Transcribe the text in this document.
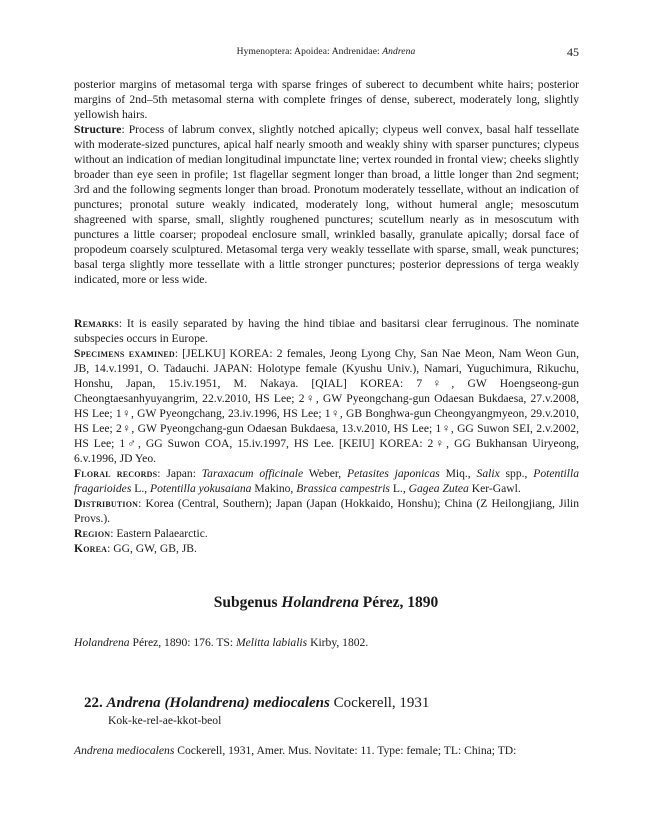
Hymenoptera: Apoidea: Andrenidae: Andrena	45

posterior margins of metasomal terga with sparse fringes of suberect to decumbent white hairs; posterior margins of 2nd–5th metasomal sterna with complete fringes of dense, suberect, moderately long, slightly yellowish hairs.

Structure: Process of labrum convex, slightly notched apically; clypeus well convex, basal half tessellate with moderate-sized punctures, apical half nearly smooth and weakly shiny with sparser punctures; clypeus without an indication of median longitudinal impunctate line; vertex rounded in frontal view; cheeks slightly broader than eye seen in profile; 1st flagellar segment longer than broad, a little longer than 2nd segment; 3rd and the following segments longer than broad. Pronotum moderately tessellate, without an indication of punctures; pronotal suture weakly indicated, moderately long, without humeral angle; mesoscutum shagreened with sparse, small, slightly roughened punctures; scutellum nearly as in mesoscutum with punctures a little coarser; propodeal enclosure small, wrinkled basally, granulate apically; dorsal face of propodeum coarsely sculptured. Metasomal terga very weakly tessellate with sparse, small, weak punctures; basal terga slightly more tessellate with a little stronger punctures; posterior depressions of terga weakly indicated, more or less wide.

Remarks: It is easily separated by having the hind tibiae and basitarsi clear ferruginous. The nominate subspecies occurs in Europe.

Specimens examined: [JELKU] KOREA: 2 females, Jeong Lyong Chy, San Nae Meon, Nam Weon Gun, JB, 14.v.1991, O. Tadauchi. JAPAN: Holotype female (Kyushu Univ.), Namari, Yuguchimura, Rikuchu, Honshu, Japan, 15.iv.1951, M. Nakaya. [QIAL] KOREA: 7♀, GW Hoengseong-gun Cheongtaesanhyuyangrim, 22.v.2010, HS Lee; 2♀, GW Pyeongchang-gun Odaesan Bukdaesa, 27.v.2008, HS Lee; 1♀, GW Pyeongchang, 23.iv.1996, HS Lee; 1♀, GB Bonghwa-gun Cheongyangmyeon, 29.v.2010, HS Lee; 2♀, GW Pyeongchang-gun Odaesan Bukdaesa, 13.v.2010, HS Lee; 1♀, GG Suwon SEI, 2.v.2002, HS Lee; 1♂, GG Suwon COA, 15.iv.1997, HS Lee. [KEIU] KOREA: 2♀, GG Bukhansan Uiryeong, 6.v.1996, JD Yeo.

Floral records: Japan: Taraxacum officinale Weber, Petasites japonicas Miq., Salix spp., Potentilla fragarioides L., Potentilla yokusaiana Makino, Brassica campestris L., Gagea Zutea Ker-Gawl.

Distribution: Korea (Central, Southern); Japan (Japan (Hokkaido, Honshu); China (Z Heilongjiang, Jilin Provs.).

Region: Eastern Palaearctic.

Korea: GG, GW, GB, JB.

Subgenus Holandrena Pérez, 1890
Holandrena Pérez, 1890: 176. TS: Melitta labialis Kirby, 1802.
22. Andrena (Holandrena) mediocalens Cockerell, 1931
Kok-ke-rel-ae-kkot-beol
Andrena mediocalens Cockerell, 1931, Amer. Mus. Novitate: 11. Type: female; TL: China; TD:
